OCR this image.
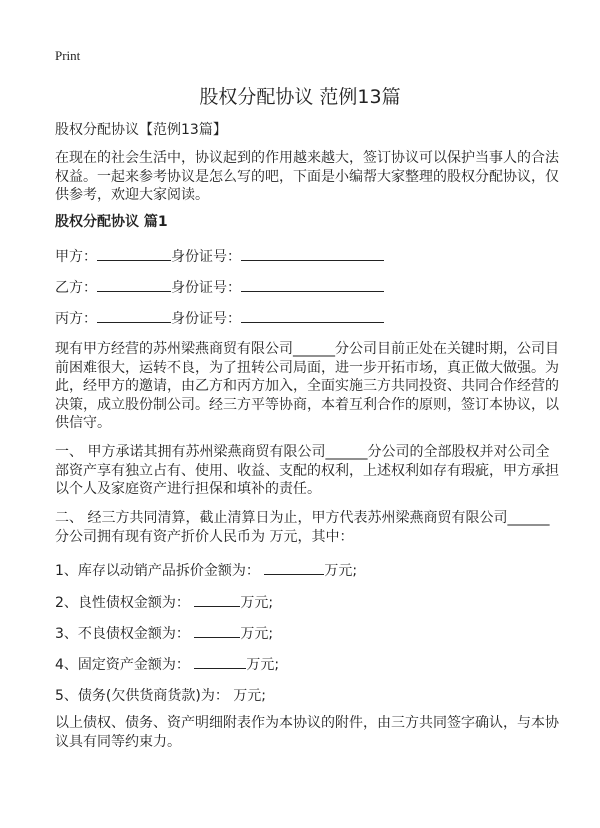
Print
股权分配协议 范例13篇
股权分配协议【范例13篇】
在现在的社会生活中，协议起到的作用越来越大，签订协议可以保护当事人的合法
权益。一起来参考协议是怎么写的吧，下面是小编帮大家整理的股权分配协议，仅
供参考，欢迎大家阅读。
股权分配协议 篇1
甲方：	身份证号：
乙方：	身份证号：
丙方：	身份证号：
现有甲方经营的苏州梁燕商贸有限公司______分公司目前正处在关键时期，公司目
前困难很大，运转不良，为了扭转公司局面，进一步开拓市场，真正做大做强。为
此，经甲方的邀请，由乙方和丙方加入，全面实施三方共同投资、共同合作经营的
决策，成立股份制公司。经三方平等协商，本着互利合作的原则，签订本协议，以
供信守。
一、 甲方承诺其拥有苏州梁燕商贸有限公司______分公司的全部股权并对公司全
部资产享有独立占有、使用、收益、支配的权利，上述权利如存有瑕疵，甲方承担
以个人及家庭资产进行担保和填补的责任。
二、 经三方共同清算，截止清算日为止，甲方代表苏州梁燕商贸有限公司______
分公司拥有现有资产折价人民币为 万元，其中：
1、库存以动销产品拆价金额为：	万元;
2、良性债权金额为：	万元;
3、不良债权金额为：	万元;
4、固定资产金额为：	万元;
5、债务(欠供货商货款)为： 万元;
以上债权、债务、资产明细附表作为本协议的附件，由三方共同签字确认，与本协
议具有同等约束力。
